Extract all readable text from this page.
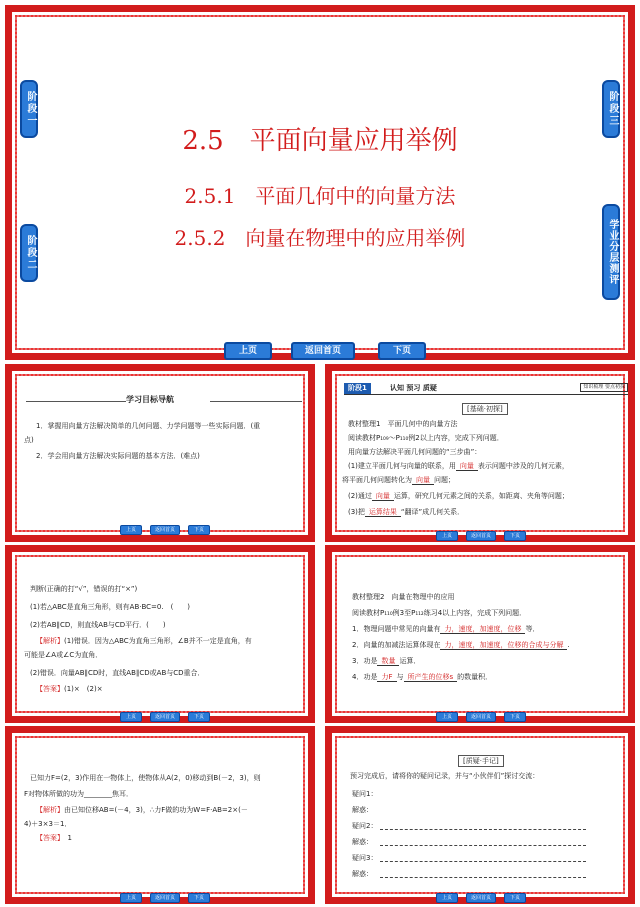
阶段一
阶段二
阶段三
学业分层测评
2.5　平面向量应用举例
2.5.1　平面几何中的向量方法
2.5.2　向量在物理中的应用举例
上页	返回首页	下页
学习目标导航
1．掌握用向量方法解决简单的几何问题、力学问题等一些实际问题．(重
点)
2．学会用向量方法解决实际问题的基本方法．(难点)
上页	返回首页	下页
阶段1	认知 预习 质疑	知识梳理 要点初探
[基础·初探]
教材整理1　平面几何中的向量方法
阅读教材P₁₀₉～P₁₁₀例2以上内容，完成下列问题．
用向量方法解决平面几何问题的“三步曲”：
(1)建立平面几何与向量的联系，用 向量 表示问题中涉及的几何元素，
将平面几何问题转化为 向量 问题；
(2)通过 向量 运算，研究几何元素之间的关系，如距离、夹角等问题；
(3)把 运算结果 “翻译”成几何关系．
上页	返回首页	下页
判断(正确的打“√”，错误的打“×”)
(1)若△ABC是直角三角形，则有AB·BC=0.　(　　)
(2)若AB∥CD，则直线AB与CD平行．(　　)
【解析】(1)错误．因为△ABC为直角三角形，∠B并不一定是直角，有
可能是∠A或∠C为直角．
(2)错误．向量AB∥CD时，直线AB∥CD或AB与CD重合．
【答案】(1)×　(2)×
上页	返回首页	下页
教材整理2　向量在物理中的应用
阅读教材P₁₁₀例3至P₁₁₂练习4以上内容，完成下列问题．
1．物理问题中常见的向量有 力，速度，加速度，位移 等．
2．向量的加减法运算体现在 力，速度，加速度，位移的合成与分解 .
3．功是 数量 运算．
4．功是 力F 与 所产生的位移s 的数量积．
上页	返回首页	下页
已知力F=(2，3)作用在一物体上，使物体从A(2，0)移动到B(－2，3)，则
F对物体所做的功为________焦耳．
【解析】由已知位移AB=(－4，3)，∴力F做的功为W=F·AB=2×(－
4)＋3×3＝1．
【答案】　 1
上页	返回首页	下页
[质疑·手记]
预习完成后，请将你的疑问记录，并与“小伙伴们”探讨交流：
疑问1：
解惑：
疑问2：
解惑：
疑问3：
解惑：
上页	返回首页	下页
